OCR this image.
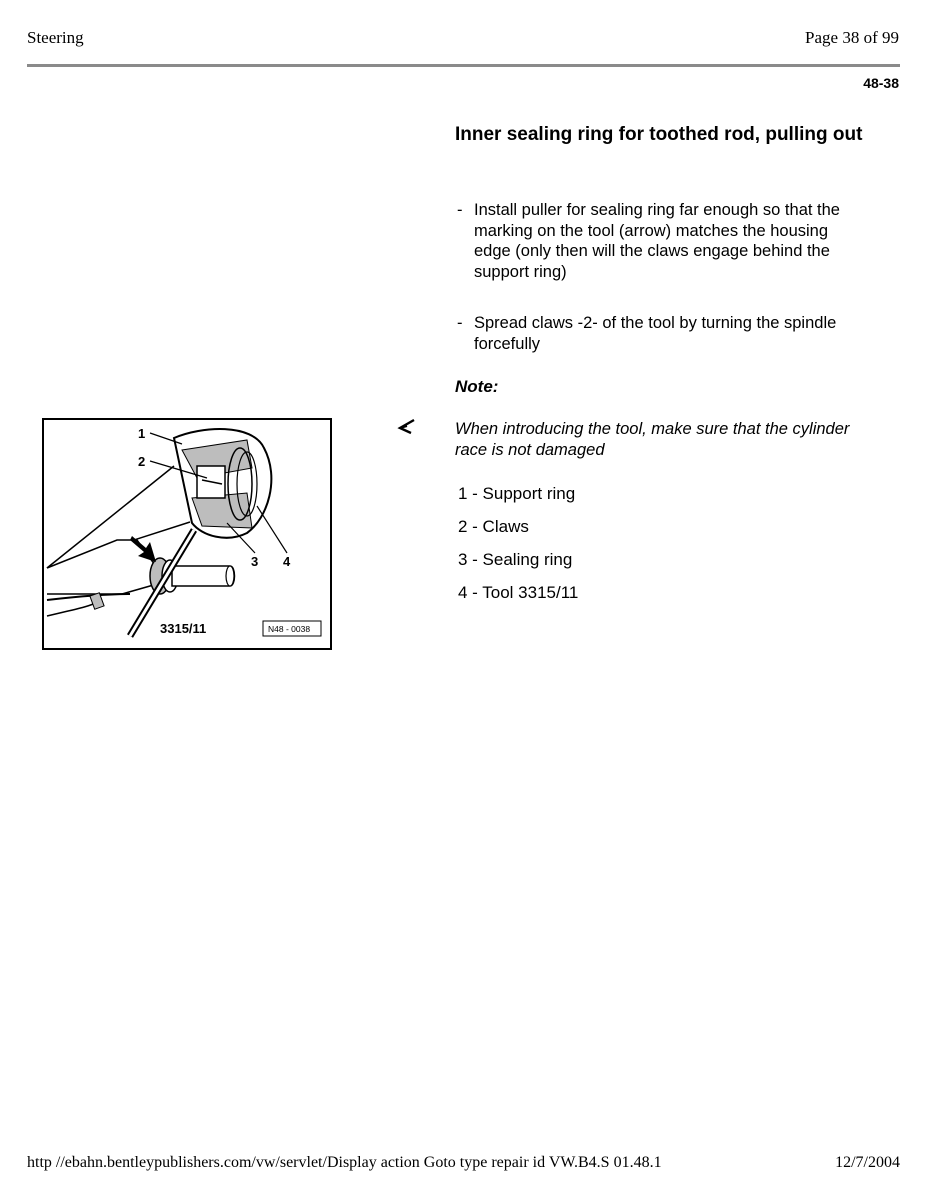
Steering	Page 38 of 99
48-38
Inner sealing ring for toothed rod, pulling out
- Install puller for sealing ring far enough so that the marking on the tool (arrow) matches the housing edge (only then will the claws engage behind the support ring)
- Spread claws -2- of the tool by turning the spindle forcefully
Note:
When introducing the tool, make sure that the cylinder race is not damaged
1 - Support ring
2 - Claws
3 - Sealing ring
4 - Tool 3315/11
1
2
3 4
3315/11	N48 - 0038
http //ebahn.bentleypublishers.com/vw/servlet/Display action Goto type repair id VW.B4.S 01.48.1	12/7/2004
